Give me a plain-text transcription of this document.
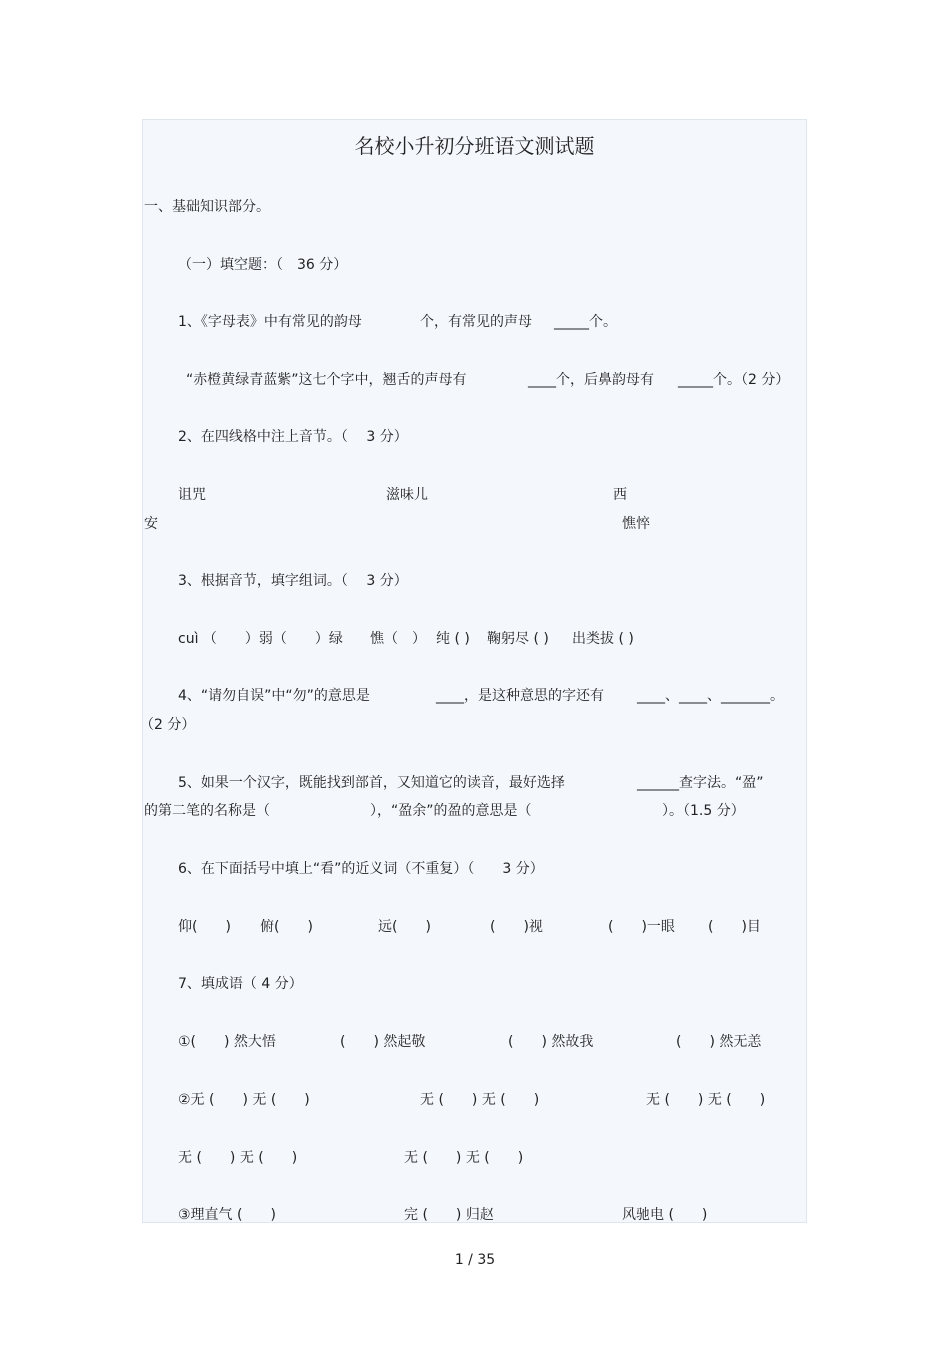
名校小升初分班语文测试题
一、基础知识部分。
（一）填空题：（　36 分）
1、《字母表》中有常见的韵母	个，有常见的声母 _____个。
“赤橙黄绿青蓝紫”这七个字中，翘舌的声母有	____个，后鼻韵母有 _____个。（2 分）
2、在四线格中注上音节。（　 3 分）
诅咒	滋味儿	西
安	憔悴
3、根据音节，填字组词。（　 3 分）
cuì （　　）弱（　　）绿 憔（　） 纯 ( ) 鞠躬尽 ( ) 出类拔 ( )
4、“请勿自误”中“勿”的意思是	____，是这种意思的字还有 ____、____、_______。
（2 分）
5、如果一个汉字，既能找到部首，又知道它的读音，最好选择	______查字法。“盈”
的第二笔的名称是（	），“盈余”的盈的意思是（	）。（1.5 分）
6、在下面括号中填上“看”的近义词（不重复）（　　3 分）
仰(　　) 俯(　　)	远(　　)	(　　)视	(　　)一眼 (　　)目
7、填成语（ 4 分）
①(　　) 然大悟	(　　) 然起敬	(　　) 然故我	(　　) 然无恙
②无 (　　) 无 (　　)	无 (　　) 无 (　　)	无 (　　) 无 (　　)
无 (　　) 无 (　　)	无 (　　) 无 (　　)
③理直气 (　　)	完 (　　) 归赵	风驰电 (　　)
1 / 35
